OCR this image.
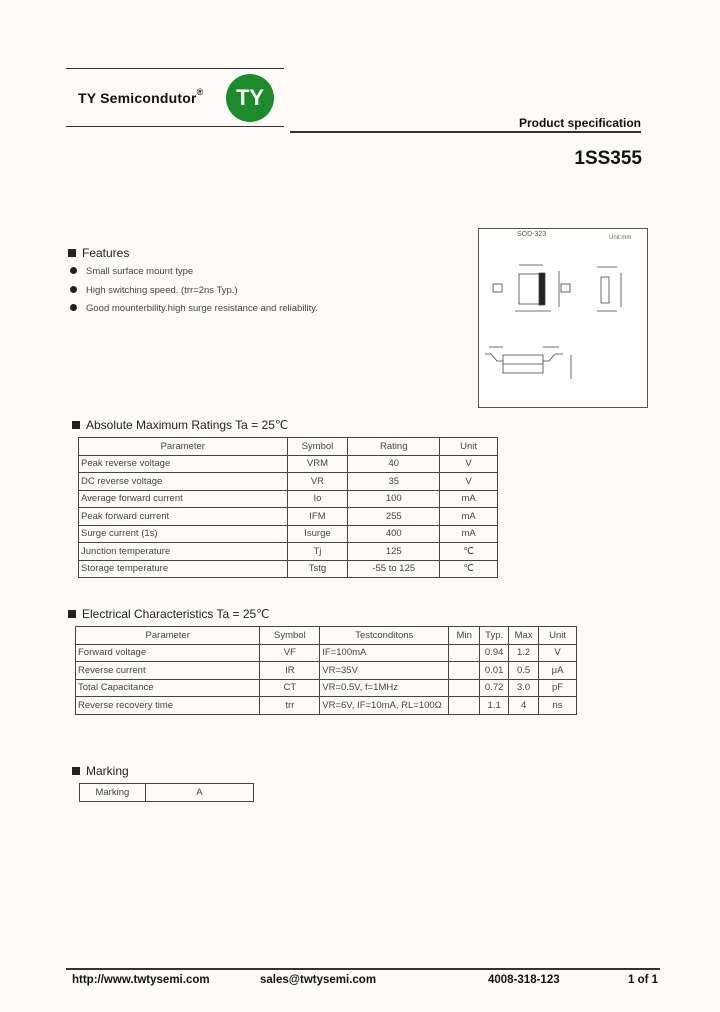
TY Semicondutor®	TY
Product specification
1SS355
Features
Small surface mount type
High switching speed. (trr=2ns Typ.)
Good mounterbility.high surge resistance and reliability.
SOD-323	Unit:mm
Absolute Maximum Ratings Ta = 25℃
Parameter	Symbol	Rating	Unit
Peak reverse voltage	VRM	40	V
DC reverse voltage	VR	35	V
Average forward current	Io	100	mA
Peak forward current	IFM	255	mA
Surge current (1s)	Isurge	400	mA
Junction temperature	Tj	125	℃
Storage temperature	Tstg	-55 to 125	℃
Electrical Characteristics Ta = 25℃
Parameter	Symbol	Testconditons	Min	Typ.	Max	Unit
Forward voltage	VF	IF=100mA		0.94	1.2	V
Reverse current	IR	VR=35V		0.01	0.5	μA
Total Capacitance	CT	VR=0.5V, f=1MHz		0.72	3.0	pF
Reverse recovery time	trr	VR=6V, IF=10mA, RL=100Ω		1.1	4	ns
Marking
Marking	A
http://www.twtysemi.com	sales@twtysemi.com	4008-318-123	1 of 1
